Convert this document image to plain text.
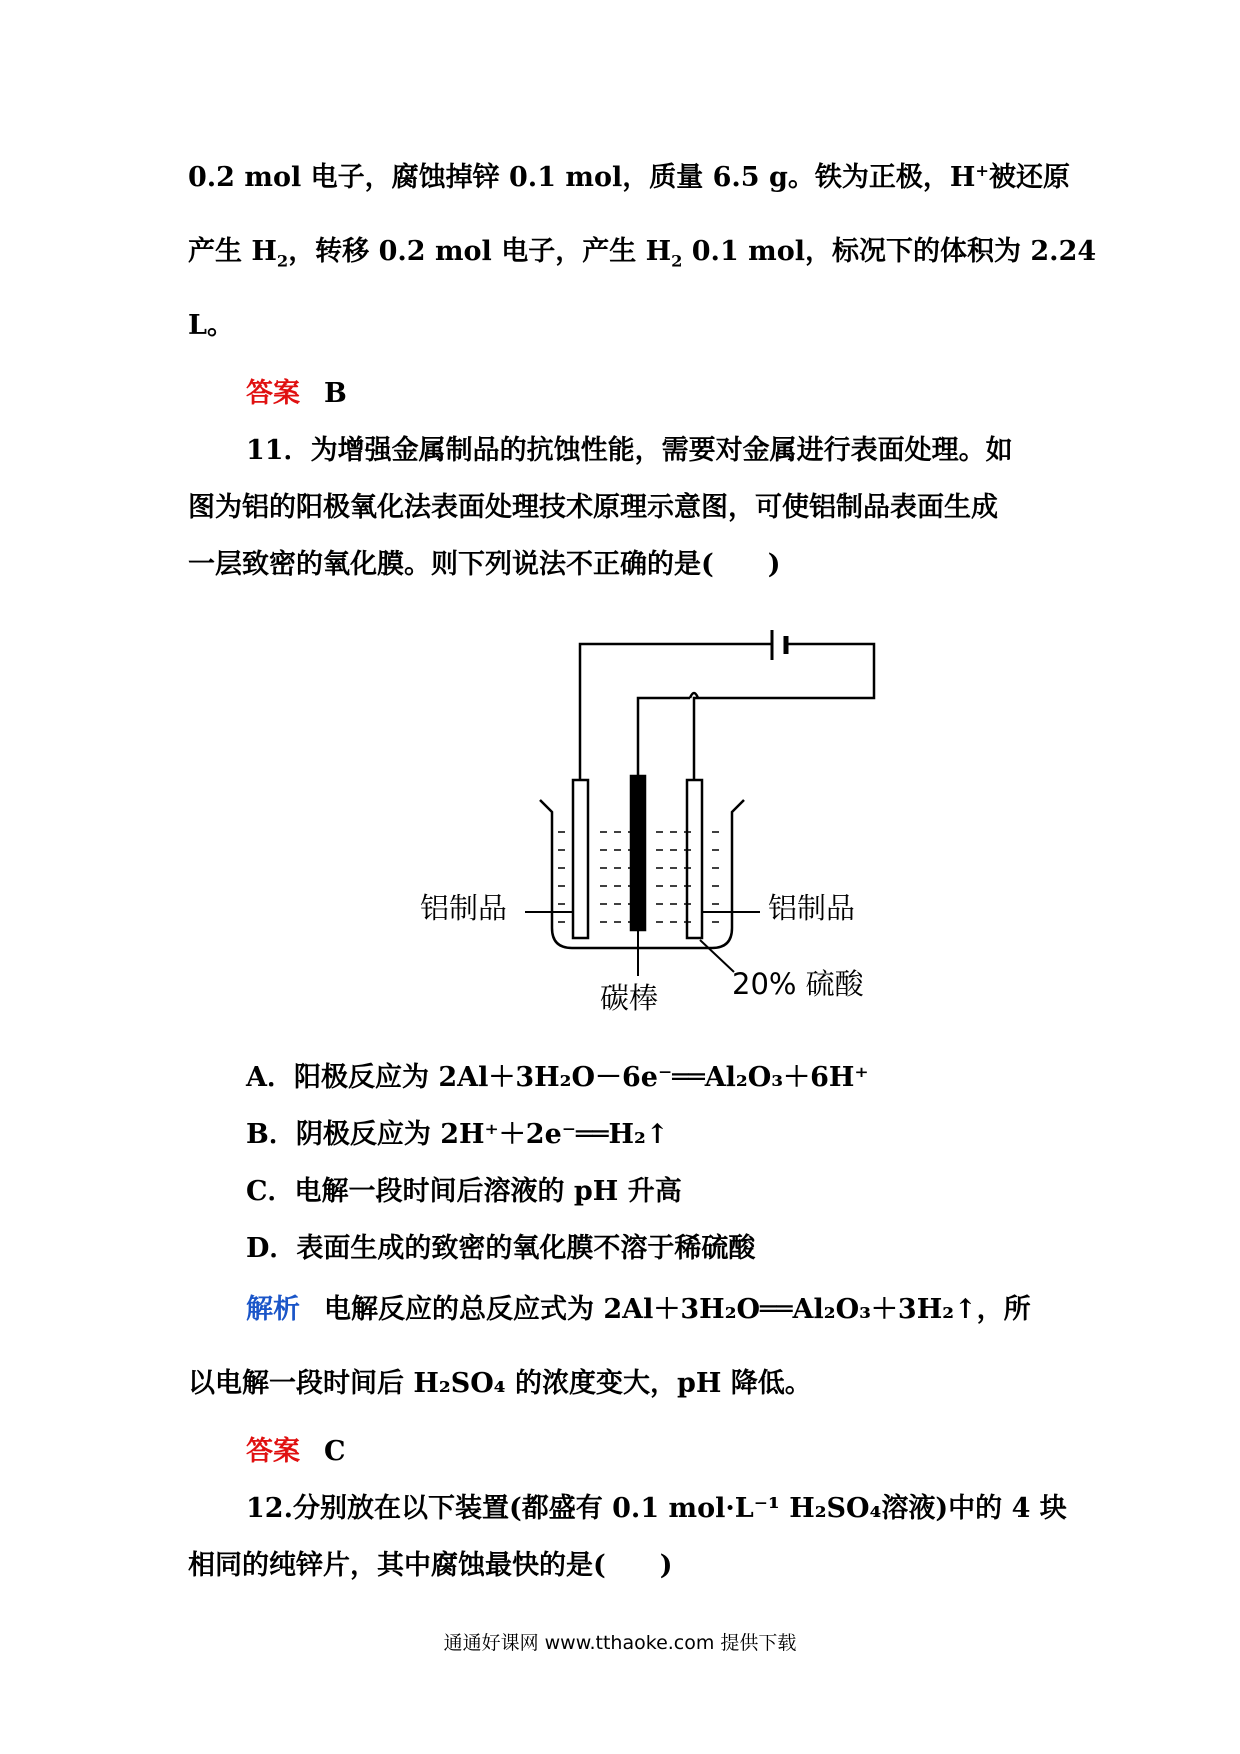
0.2 mol 电子，腐蚀掉锌 0.1 mol，质量 6.5 g。铁为正极，H+被还原
产生 $H_2$，转移 0.2 mol 电子，产生 $H_2$ 0.1 mol，标况下的体积为 2.24
L。
答案 B
11．为增强金属制品的抗蚀性能，需要对金属进行表面处理。如
图为铝的阳极氧化法表面处理技术原理示意图，可使铝制品表面生成
一层致密的氧化膜。则下列说法不正确的是(　　)
铝制品	铝制品
碳棒	20% 硫酸
A．阳极反应为 2Al＋3H₂O－6e⁻══Al₂O₃＋6H⁺
B．阴极反应为 2H⁺＋2e⁻══H₂↑
C．电解一段时间后溶液的 pH 升高
D．表面生成的致密的氧化膜不溶于稀硫酸
解析 电解反应的总反应式为 2Al＋3H₂O══Al₂O₃＋3H₂↑，所
以电解一段时间后 H₂SO₄ 的浓度变大，pH 降低。
答案 C
12.分别放在以下装置(都盛有 0.1 mol·L⁻¹ H₂SO₄溶液)中的 4 块
相同的纯锌片，其中腐蚀最快的是(　　)
通通好课网 www.tthaoke.com 提供下载
